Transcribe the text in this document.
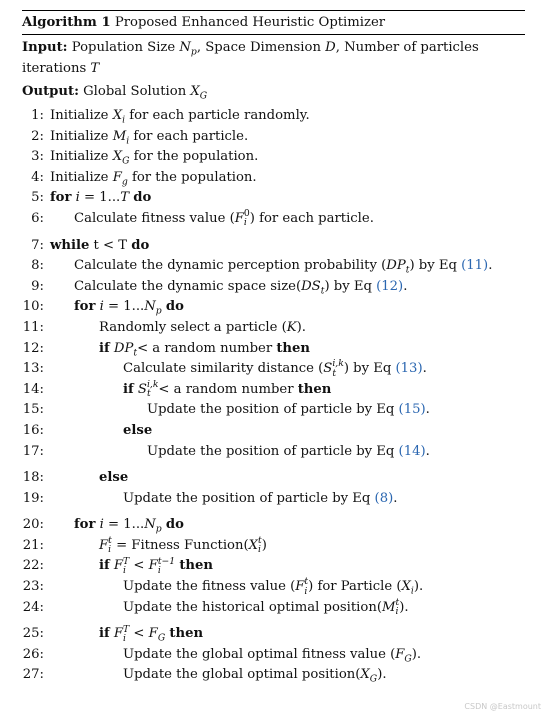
Algorithm 1 Proposed Enhanced Heuristic Optimizer
Input: Population Size $N_p$, Space Dimension D, Number of particles iterations T
Output: Global Solution $X_G$
1: Initialize $X_i$ for each particle randomly.
2: Initialize $M_i$ for each particle.
3: Initialize $X_G$ for the population.
4: Initialize $F_g$ for the population.
5: for i = 1...T do
6: Calculate fitness value (F 0
i ) for each particle.
7: while t < T do
8: Calculate the dynamic perception probability $(DP_t)$ by Eq (11).
9: Calculate the dynamic space $size(DS_t)$ by Eq (12).
10: for $i = 1...N_p$ do
11:	Randomly select a particle (K).
12:	if $DP_t< a$ random number then
13:	Calculate similarity distance (S i,k
t ) by Eq (13).
14:	if S i,k
t < a random number then
15:	Update the position of particle by Eq (15).
16:	else
17:	Update the position of particle by Eq (14).
18:	else
19:	Update the position of particle by Eq (8).
20: for $i = 1...N_p$ do
21:	F t
i = Fitness Function(X t
i )
22:	if F T
i < F t−1
i	then
23:	Update the fitness value (F t
i ) for Particle $(X_i)$.
24:	Update the historical optimal position(M t
i ).
25:	if F T
$i < F_G$ then
26:	Update the global optimal fitness value $(F_G)$.
27:	Update the global optimal $position(X_G)$.
CSDN @Eastmount
